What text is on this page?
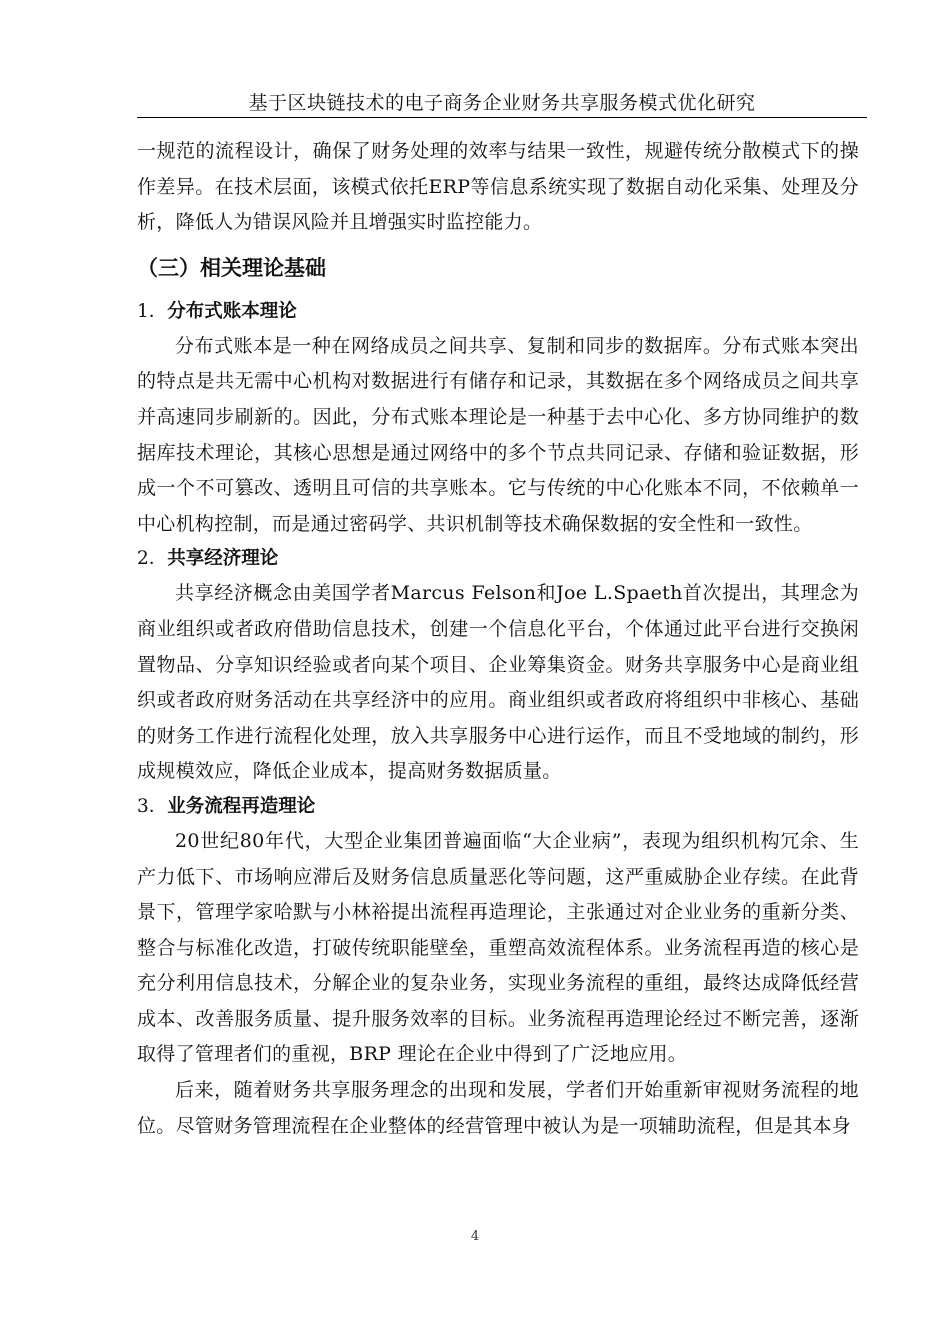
基于区块链技术的电子商务企业财务共享服务模式优化研究

一规范的流程设计，确保了财务处理的效率与结果一致性，规避传统分散模式下的操作差异。在技术层面，该模式依托ERP等信息系统实现了数据自动化采集、处理及分析，降低人为错误风险并且增强实时监控能力。

（三）相关理论基础
1．分布式账本理论

分布式账本是一种在网络成员之间共享、复制和同步的数据库。分布式账本突出的特点是共无需中心机构对数据进行有储存和记录，其数据在多个网络成员之间共享并高速同步刷新的。因此，分布式账本理论是一种基于去中心化、多方协同维护的数据库技术理论，其核心思想是通过网络中的多个节点共同记录、存储和验证数据，形成一个不可篡改、透明且可信的共享账本。它与传统的中心化账本不同，不依赖单一中心机构控制，而是通过密码学、共识机制等技术确保数据的安全性和一致性。

2．共享经济理论

共享经济概念由美国学者Marcus Felson和Joe L.Spaeth首次提出，其理念为商业组织或者政府借助信息技术，创建一个信息化平台，个体通过此平台进行交换闲置物品、分享知识经验或者向某个项目、企业筹集资金。财务共享服务中心是商业组织或者政府财务活动在共享经济中的应用。商业组织或者政府将组织中非核心、基础的财务工作进行流程化处理，放入共享服务中心进行运作，而且不受地域的制约，形成规模效应，降低企业成本，提高财务数据质量。

3．业务流程再造理论

20世纪80年代，大型企业集团普遍面临“大企业病”，表现为组织机构冗余、生产力低下、市场响应滞后及财务信息质量恶化等问题，这严重威胁企业存续。在此背景下，管理学家哈默与小林裕提出流程再造理论，主张通过对企业业务的重新分类、整合与标准化改造，打破传统职能壁垒，重塑高效流程体系。业务流程再造的核心是充分利用信息技术，分解企业的复杂业务，实现业务流程的重组，最终达成降低经营成本、改善服务质量、提升服务效率的目标。业务流程再造理论经过不断完善，逐渐取得了管理者们的重视，BRP 理论在企业中得到了广泛地应用。

后来，随着财务共享服务理念的出现和发展，学者们开始重新审视财务流程的地位。尽管财务管理流程在企业整体的经营管理中被认为是一项辅助流程，但是其本身

4
